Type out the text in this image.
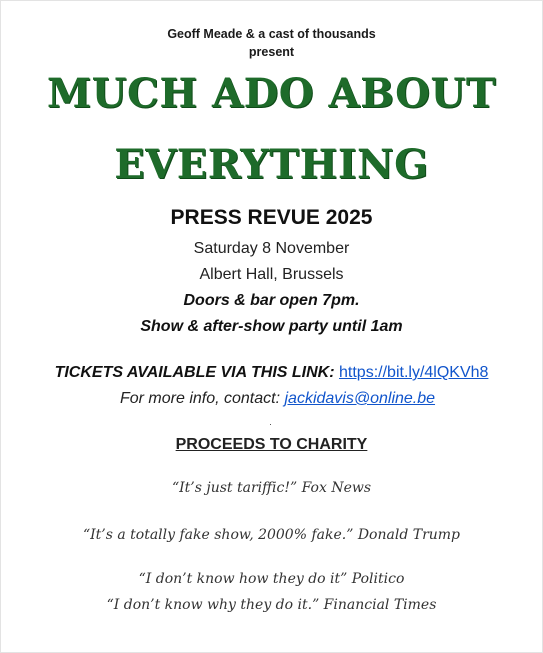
Geoff Meade & a cast of thousands
present
MUCH ADO ABOUT
EVERYTHING
PRESS REVUE 2025
Saturday 8 November
Albert Hall, Brussels
Doors & bar open 7pm.
Show & after-show party until 1am
TICKETS AVAILABLE VIA THIS LINK: https://bit.ly/4lQKVh8
For more info, contact: jackidavis@online.be
PROCEEDS TO CHARITY
“It’s just tariffic!” Fox News
“It’s a totally fake show, 2000% fake.” Donald Trump
“I don’t know how they do it” Politico
“I don’t know why they do it.” Financial Times
